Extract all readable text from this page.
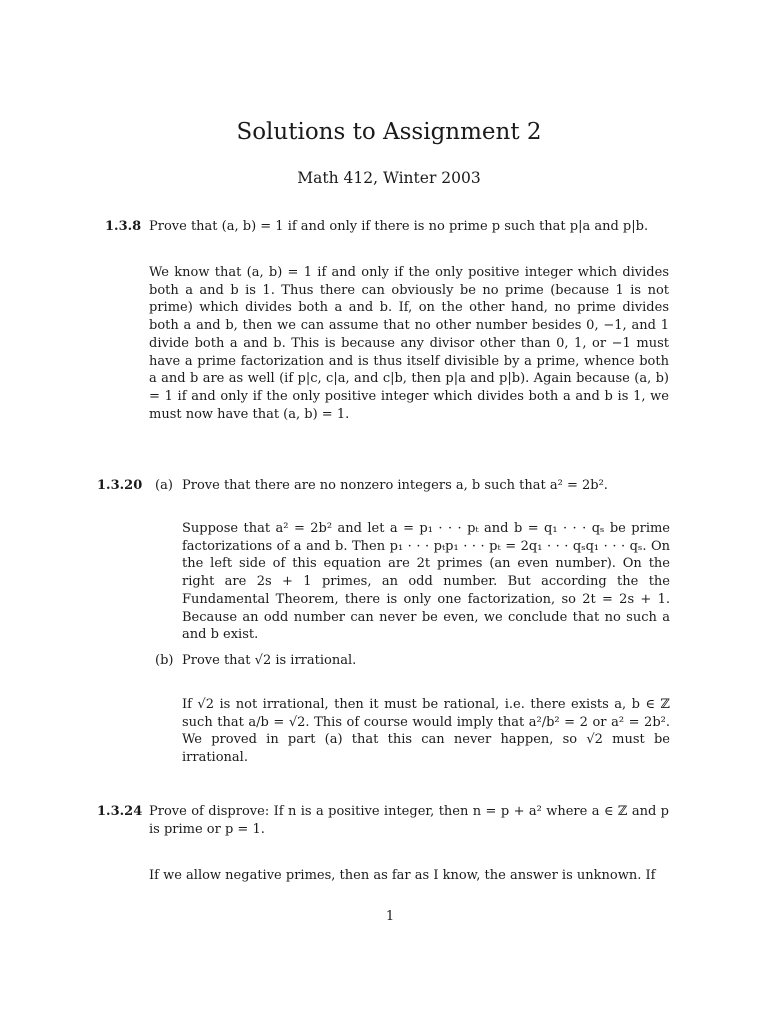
Solutions to Assignment 2
Math 412, Winter 2003
1.3.8 Prove that (a, b) = 1 if and only if there is no prime p such that p|a and p|b.
We know that (a, b) = 1 if and only if the only positive integer which divides both a and b is 1. Thus there can obviously be no prime (because 1 is not prime) which divides both a and b. If, on the other hand, no prime divides both a and b, then we can assume that no other number besides 0, −1, and 1 divide both a and b. This is because any divisor other than 0, 1, or −1 must have a prime factorization and is thus itself divisible by a prime, whence both a and b are as well (if p|c, c|a, and c|b, then p|a and p|b). Again because (a, b) = 1 if and only if the only positive integer which divides both a and b is 1, we must now have that (a, b) = 1.
1.3.20 (a) Prove that there are no nonzero integers a, b such that a² = 2b².
Suppose that a² = 2b² and let a = p₁ · · · pₜ and b = q₁ · · · qₛ be prime factorizations of a and b. Then p₁ · · · pₜp₁ · · · pₜ = 2q₁ · · · qₛq₁ · · · qₛ. On the left side of this equation are 2t primes (an even number). On the right are 2s + 1 primes, an odd number. But according the the Fundamental Theorem, there is only one factorization, so 2t = 2s + 1. Because an odd number can never be even, we conclude that no such a and b exist.
(b) Prove that √2 is irrational.
If √2 is not irrational, then it must be rational, i.e. there exists a, b ∈ ℤ such that a/b = √2. This of course would imply that a²/b² = 2 or a² = 2b². We proved in part (a) that this can never happen, so √2 must be irrational.
1.3.24 Prove of disprove: If n is a positive integer, then n = p + a² where a ∈ ℤ and p is prime or p = 1.
If we allow negative primes, then as far as I know, the answer is unknown. If
1
